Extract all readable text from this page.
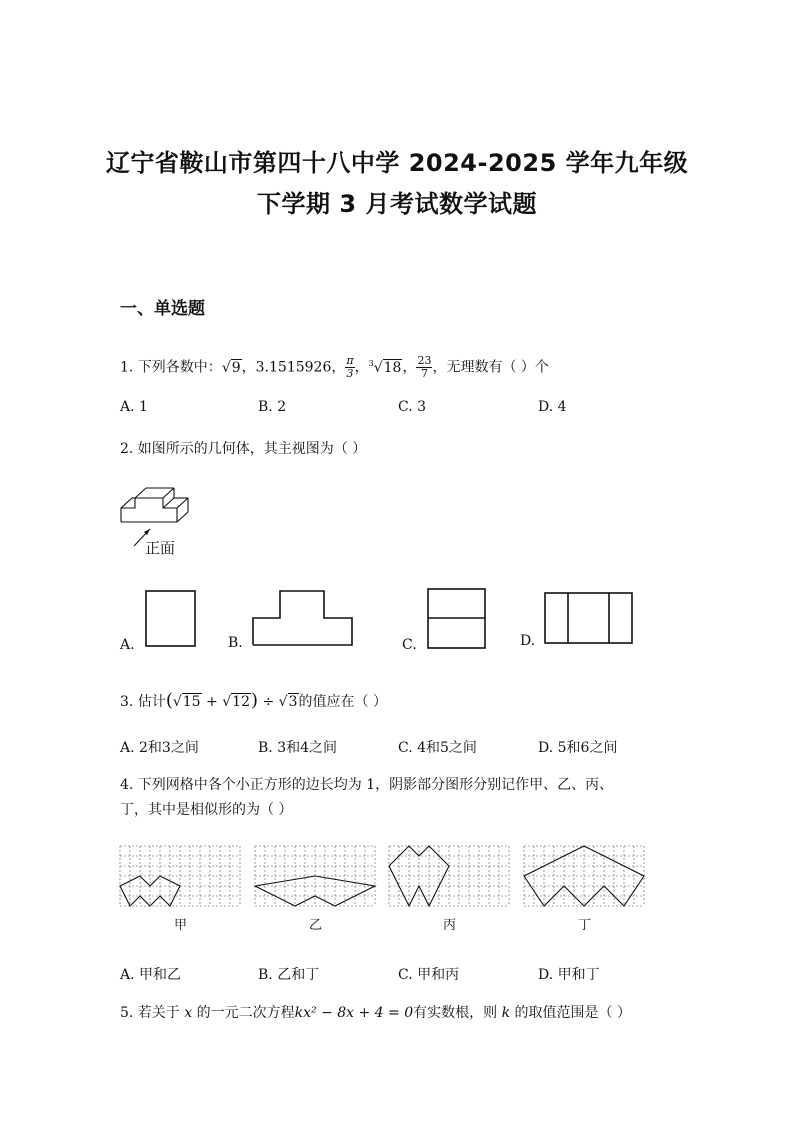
辽宁省鞍山市第四十八中学 2024-2025 学年九年级
下学期 3 月考试数学试题
一、单选题
1. 下列各数中：√9，3.1515926， $\frac{\pi}{3}$ ，$^3$√18， $\frac{23}{7}$ ，无理数有（ ）个
A. 1	B. 2	C. 3	D. 4
2. 如图所示的几何体，其主视图为（ ）
正面
A.	B.	C.	D.
3. 估计(√15 + √12) ÷ √3的值应在（ ）
A. 2和3之间	B. 3和4之间	C. 4和5之间	D. 5和6之间
4. 下列网格中各个小正方形的边长均为 1，阴影部分图形分别记作甲、乙、丙、
丁，其中是相似形的为（ ）
甲	乙	丙	丁
A. 甲和乙	B. 乙和丁	C. 甲和丙	D. 甲和丁
5. 若关于 x 的一元二次方程kx² − 8x + 4 = 0有实数根，则 k 的取值范围是（ ）
